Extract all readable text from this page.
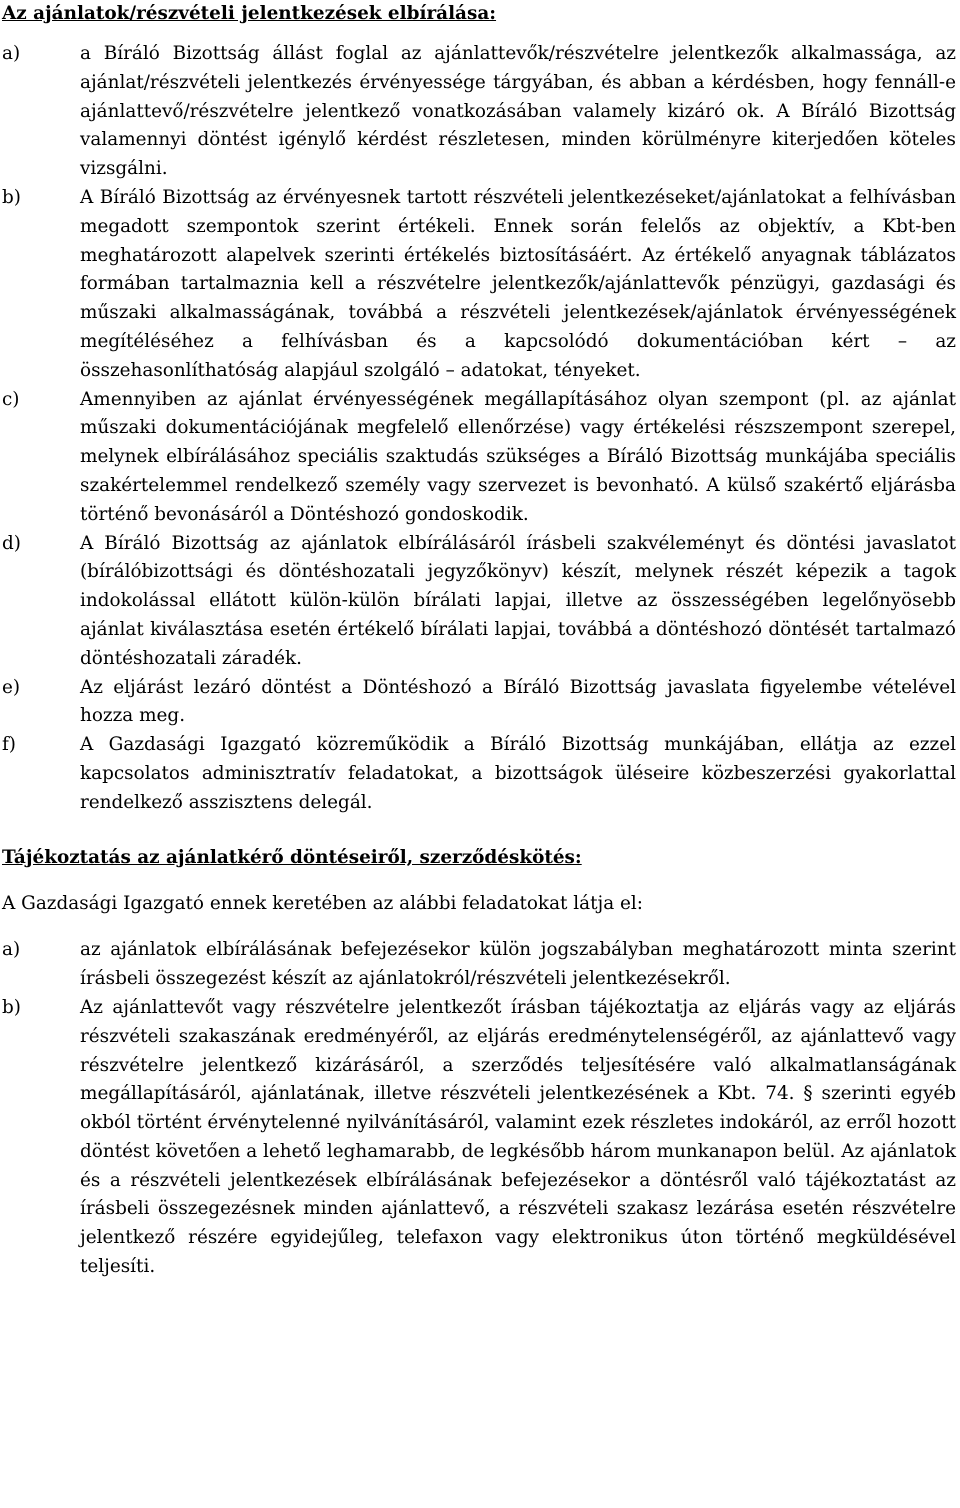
Az ajánlatok/részvételi jelentkezések elbírálása:
a)	a Bíráló Bizottság állást foglal az ajánlattevők/részvételre jelentkezők alkalmassága, az ajánlat/részvételi jelentkezés érvényessége tárgyában, és abban a kérdésben, hogy fennáll-e ajánlattevő/részvételre jelentkező vonatkozásában valamely kizáró ok. A Bíráló Bizottság valamennyi döntést igénylő kérdést részletesen, minden körülményre kiterjedően köteles vizsgálni.
b)	A Bíráló Bizottság az érvényesnek tartott részvételi jelentkezéseket/ajánlatokat a felhívásban megadott szempontok szerint értékeli. Ennek során felelős az objektív, a Kbt-ben meghatározott alapelvek szerinti értékelés biztosításáért. Az értékelő anyagnak táblázatos formában tartalmaznia kell a részvételre jelentkezők/ajánlattevők pénzügyi, gazdasági és műszaki alkalmasságának, továbbá a részvételi jelentkezések/ajánlatok érvényességének megítéléséhez a felhívásban és a kapcsolódó dokumentációban kért – az összehasonlíthatóság alapjául szolgáló – adatokat, tényeket.
c)	Amennyiben az ajánlat érvényességének megállapításához olyan szempont (pl. az ajánlat műszaki dokumentációjának megfelelő ellenőrzése) vagy értékelési részszempont szerepel, melynek elbírálásához speciális szaktudás szükséges a Bíráló Bizottság munkájába speciális szakértelemmel rendelkező személy vagy szervezet is bevonható. A külső szakértő eljárásba történő bevonásáról a Döntéshozó gondoskodik.
d)	A Bíráló Bizottság az ajánlatok elbírálásáról írásbeli szakvéleményt és döntési javaslatot (bírálóbizottsági és döntéshozatali jegyzőkönyv) készít, melynek részét képezik a tagok indokolással ellátott külön-külön bírálati lapjai, illetve az összességében legelőnyösebb ajánlat kiválasztása esetén értékelő bírálati lapjai, továbbá a döntéshozó döntését tartalmazó döntéshozatali záradék.
e)	Az eljárást lezáró döntést a Döntéshozó a Bíráló Bizottság javaslata figyelembe vételével hozza meg.
f)	A Gazdasági Igazgató közreműködik a Bíráló Bizottság munkájában, ellátja az ezzel kapcsolatos adminisztratív feladatokat, a bizottságok üléseire közbeszerzési gyakorlattal rendelkező asszisztens delegál.
Tájékoztatás az ajánlatkérő döntéseiről, szerződéskötés:

A Gazdasági Igazgató ennek keretében az alábbi feladatokat látja el:

a)	az ajánlatok elbírálásának befejezésekor külön jogszabályban meghatározott minta szerint írásbeli összegezést készít az ajánlatokról/részvételi jelentkezésekről.
b)	Az ajánlattevőt vagy részvételre jelentkezőt írásban tájékoztatja az eljárás vagy az eljárás részvételi szakaszának eredményéről, az eljárás eredménytelenségéről, az ajánlattevő vagy részvételre jelentkező kizárásáról, a szerződés teljesítésére való alkalmatlanságának megállapításáról, ajánlatának, illetve részvételi jelentkezésének a Kbt. 74. § szerinti egyéb okból történt érvénytelenné nyilvánításáról, valamint ezek részletes indokáról, az erről hozott döntést követően a lehető leghamarabb, de legkésőbb három munkanapon belül. Az ajánlatok és a részvételi jelentkezések elbírálásának befejezésekor a döntésről való tájékoztatást az írásbeli összegezésnek minden ajánlattevő, a részvételi szakasz lezárása esetén részvételre jelentkező részére egyidejűleg, telefaxon vagy elektronikus úton történő megküldésével teljesíti.
